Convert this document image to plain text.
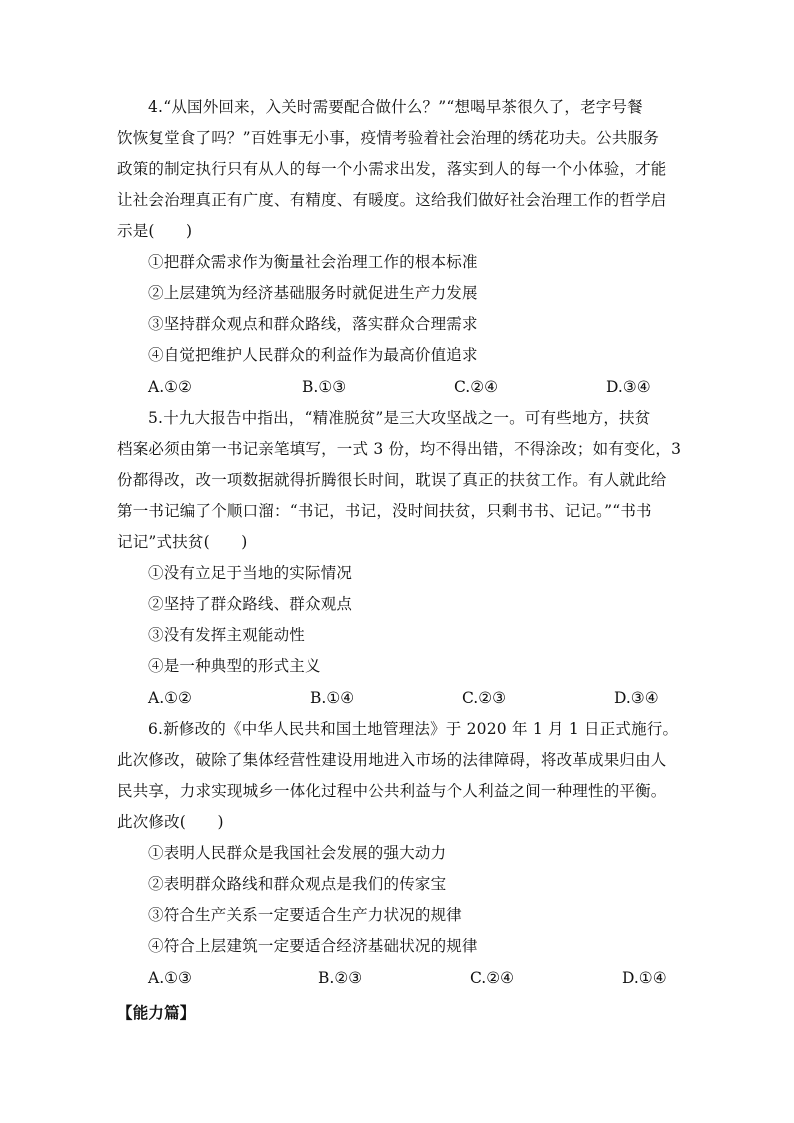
4.“从国外回来，入关时需要配合做什么？”“想喝早茶很久了，老字号餐
饮恢复堂食了吗？”百姓事无小事，疫情考验着社会治理的绣花功夫。公共服务
政策的制定执行只有从人的每一个小需求出发，落实到人的每一个小体验，才能
让社会治理真正有广度、有精度、有暖度。这给我们做好社会治理工作的哲学启
示是(　　)
①把群众需求作为衡量社会治理工作的根本标准
②上层建筑为经济基础服务时就促进生产力发展
③坚持群众观点和群众路线，落实群众合理需求
④自觉把维护人民群众的利益作为最高价值追求
A.①②	B.①③	C.②④	D.③④
5.十九大报告中指出，“精准脱贫”是三大攻坚战之一。可有些地方，扶贫
档案必须由第一书记亲笔填写，一式 3 份，均不得出错，不得涂改；如有变化，3
份都得改，改一项数据就得折腾很长时间，耽误了真正的扶贫工作。有人就此给
第一书记编了个顺口溜：“书记，书记，没时间扶贫，只剩书书、记记。”“书书
记记”式扶贫(　　)
①没有立足于当地的实际情况
②坚持了群众路线、群众观点
③没有发挥主观能动性
④是一种典型的形式主义
A.①②	B.①④	C.②③	D.③④
6.新修改的《中华人民共和国土地管理法》于 2020 年 1 月 1 日正式施行。
此次修改，破除了集体经营性建设用地进入市场的法律障碍，将改革成果归由人
民共享，力求实现城乡一体化过程中公共利益与个人利益之间一种理性的平衡。
此次修改(　　)
①表明人民群众是我国社会发展的强大动力
②表明群众路线和群众观点是我们的传家宝
③符合生产关系一定要适合生产力状况的规律
④符合上层建筑一定要适合经济基础状况的规律
A.①③	B.②③	C.②④	D.①④
【能力篇】
